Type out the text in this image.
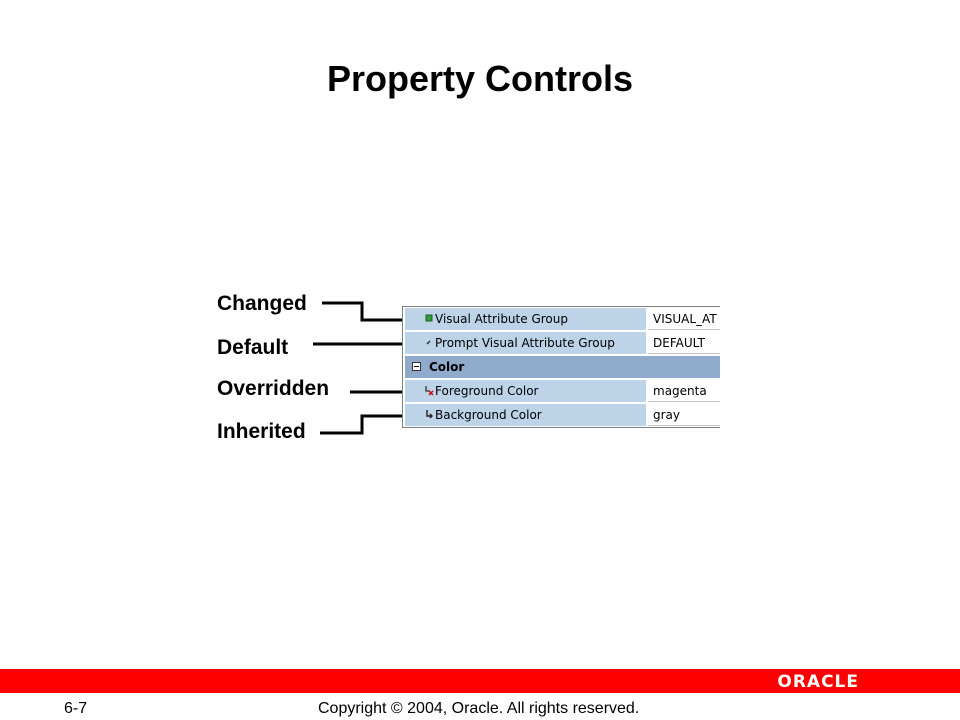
Property Controls
Changed
Default
Overridden
Inherited
Visual Attribute Group	VISUAL_AT
Prompt Visual Attribute Group	DEFAULT
Color
Foreground Color	magenta
Background Color	gray
ORACLE
6-7	Copyright © 2004, Oracle. All rights reserved.
